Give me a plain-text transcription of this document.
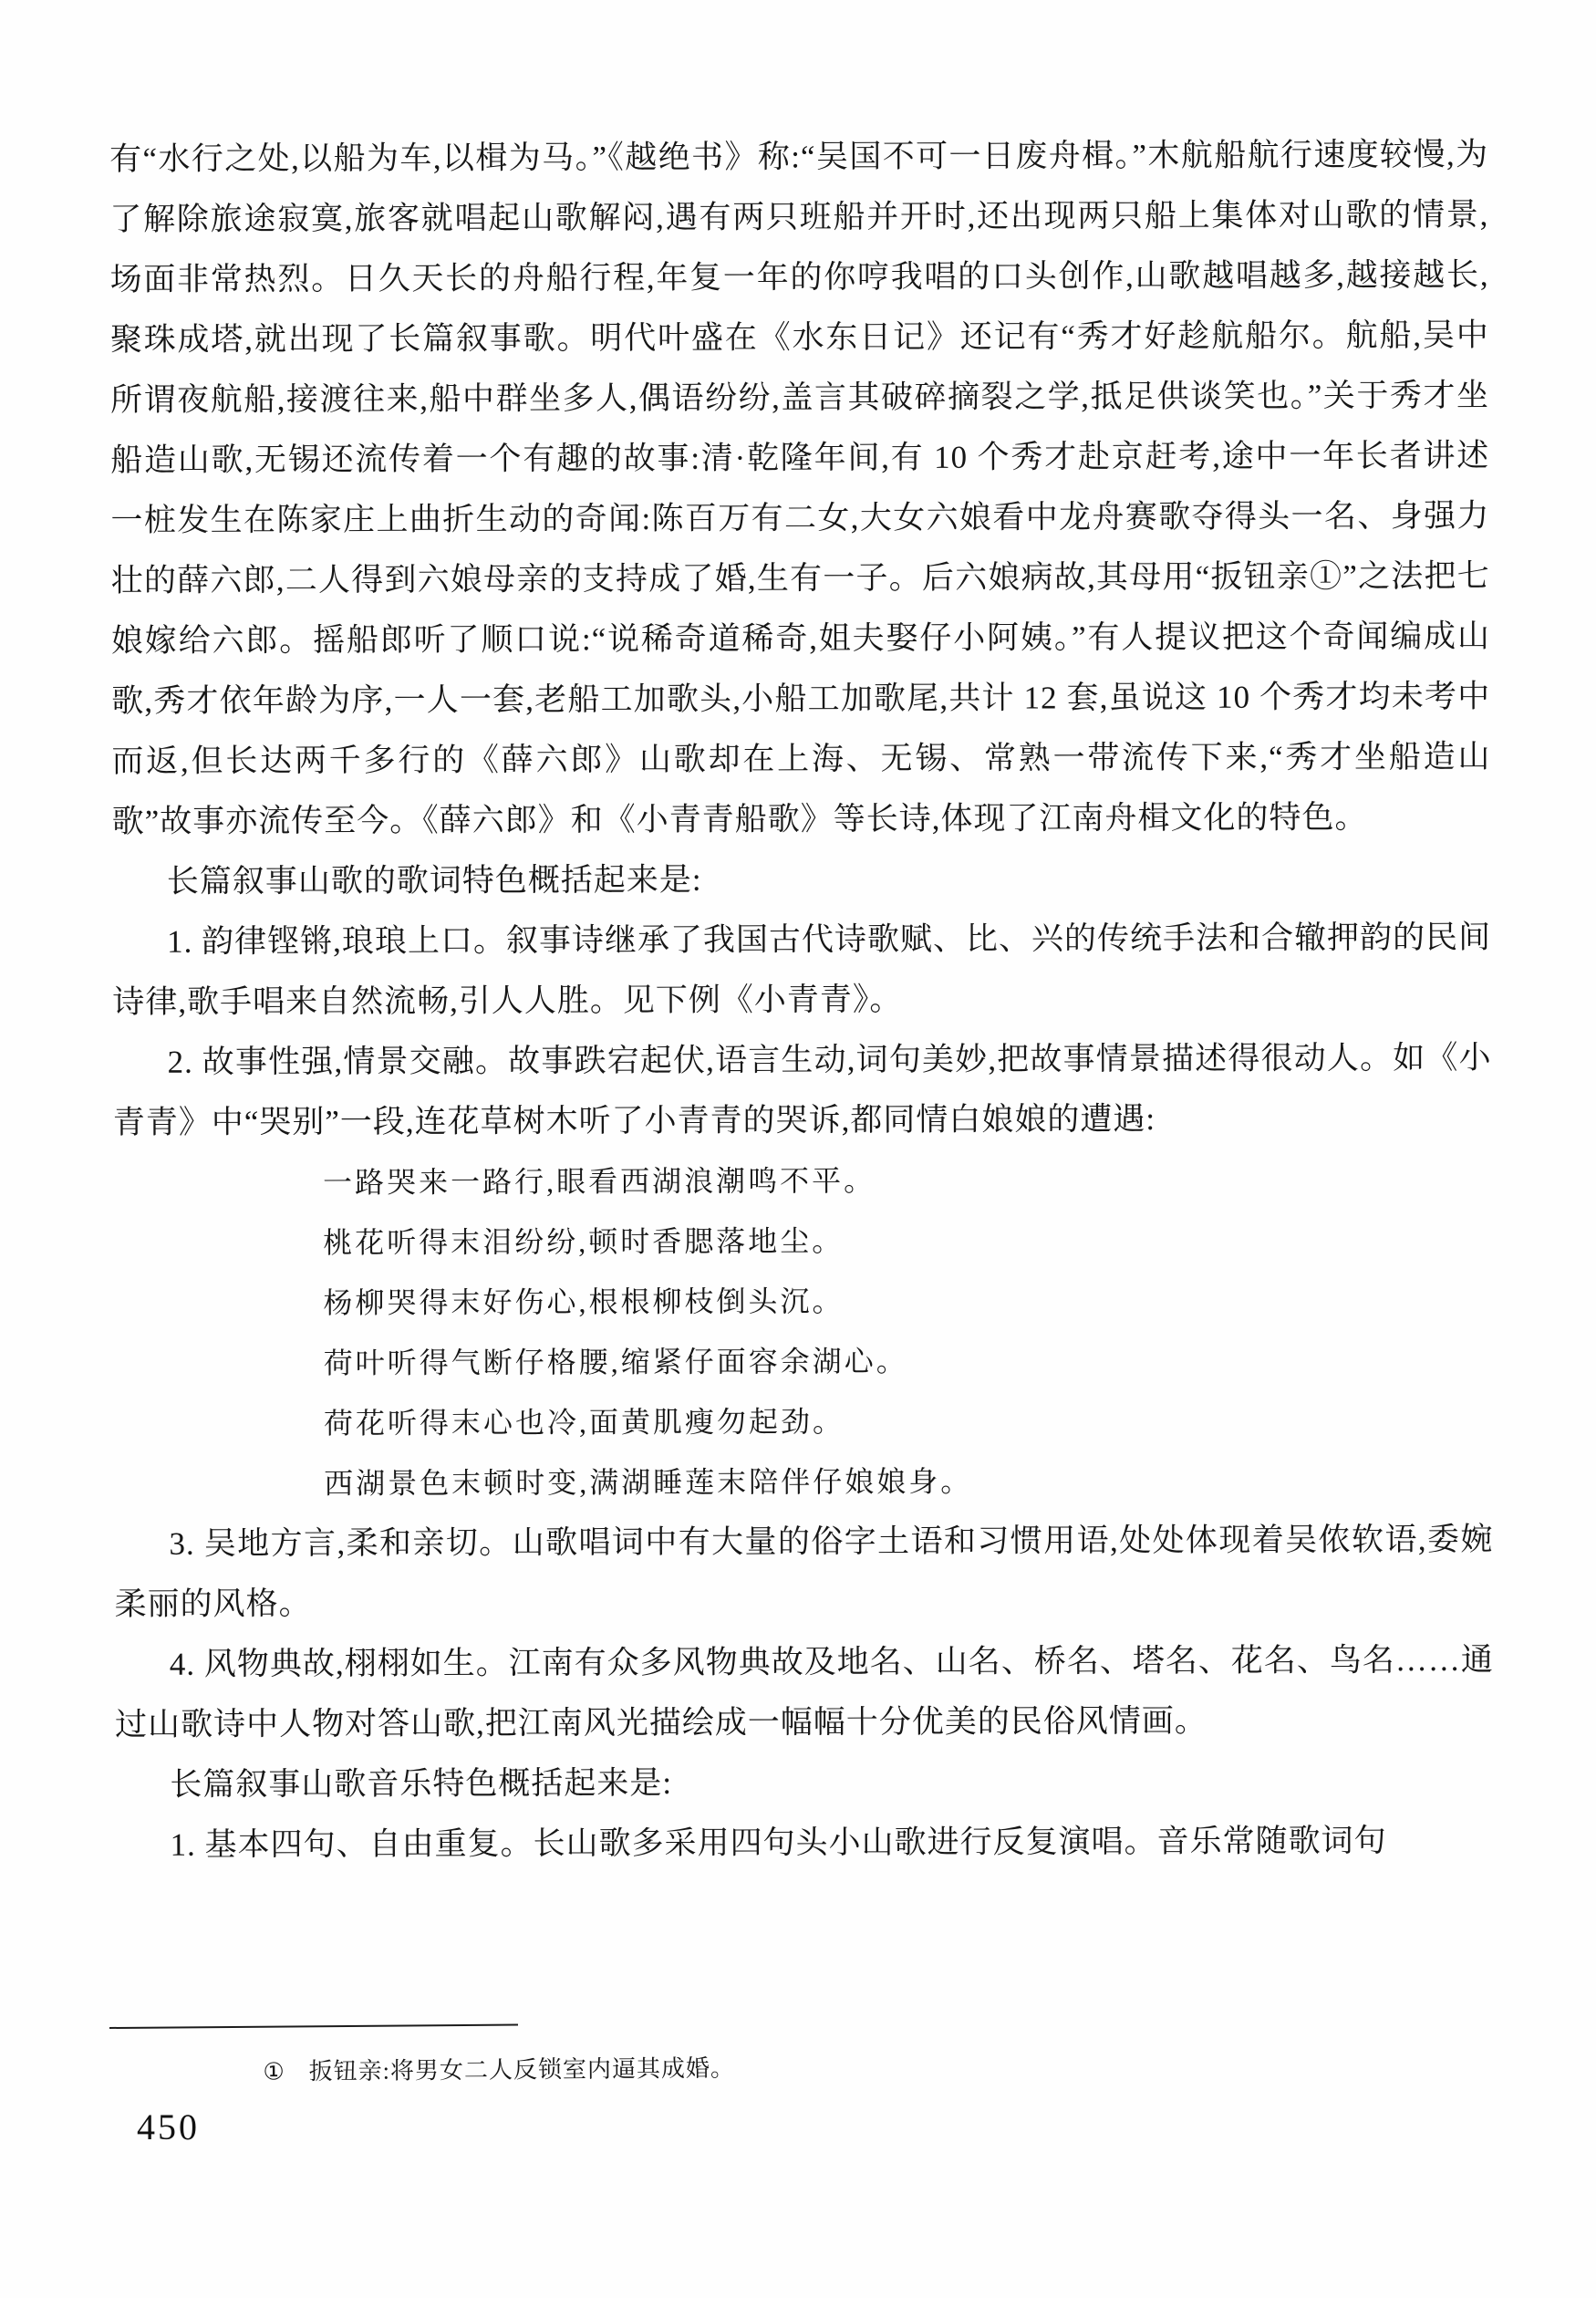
有“水行之处,以船为车,以楫为马。”《越绝书》称:“吴国不可一日废舟楫。”木航船航行速度较慢,为了解除旅途寂寞,旅客就唱起山歌解闷,遇有两只班船并开时,还出现两只船上集体对山歌的情景,场面非常热烈。日久天长的舟船行程,年复一年的你哼我唱的口头创作,山歌越唱越多,越接越长,聚珠成塔,就出现了长篇叙事歌。明代叶盛在《水东日记》还记有“秀才好趁航船尔。航船,吴中所谓夜航船,接渡往来,船中群坐多人,偶语纷纷,盖言其破碎摘裂之学,抵足供谈笑也。”关于秀才坐船造山歌,无锡还流传着一个有趣的故事:清·乾隆年间,有 10 个秀才赴京赶考,途中一年长者讲述一桩发生在陈家庄上曲折生动的奇闻:陈百万有二女,大女六娘看中龙舟赛歌夺得头一名、身强力壮的薛六郎,二人得到六娘母亲的支持成了婚,生有一子。后六娘病故,其母用“扳钮亲①”之法把七娘嫁给六郎。摇船郎听了顺口说:“说稀奇道稀奇,姐夫娶仔小阿姨。”有人提议把这个奇闻编成山歌,秀才依年龄为序,一人一套,老船工加歌头,小船工加歌尾,共计 12 套,虽说这 10 个秀才均未考中而返,但长达两千多行的《薛六郎》山歌却在上海、无锡、常熟一带流传下来,“秀才坐船造山歌”故事亦流传至今。《薛六郎》和《小青青船歌》等长诗,体现了江南舟楫文化的特色。

长篇叙事山歌的歌词特色概括起来是:

1. 韵律铿锵,琅琅上口。叙事诗继承了我国古代诗歌赋、比、兴的传统手法和合辙押韵的民间诗律,歌手唱来自然流畅,引人人胜。见下例《小青青》。

2. 故事性强,情景交融。故事跌宕起伏,语言生动,词句美妙,把故事情景描述得很动人。如《小青青》中“哭别”一段,连花草树木听了小青青的哭诉,都同情白娘娘的遭遇:

一路哭来一路行,眼看西湖浪潮鸣不平。
桃花听得末泪纷纷,顿时香腮落地尘。
杨柳哭得末好伤心,根根柳枝倒头沉。
荷叶听得气断仔格腰,缩紧仔面容余湖心。
荷花听得末心也冷,面黄肌瘦勿起劲。
西湖景色末顿时变,满湖睡莲末陪伴仔娘娘身。

3. 吴地方言,柔和亲切。山歌唱词中有大量的俗字土语和习惯用语,处处体现着吴侬软语,委婉柔丽的风格。

4. 风物典故,栩栩如生。江南有众多风物典故及地名、山名、桥名、塔名、花名、鸟名……通过山歌诗中人物对答山歌,把江南风光描绘成一幅幅十分优美的民俗风情画。

长篇叙事山歌音乐特色概括起来是:

1. 基本四句、自由重复。长山歌多采用四句头小山歌进行反复演唱。音乐常随歌词句

① 扳钮亲:将男女二人反锁室内逼其成婚。
450
